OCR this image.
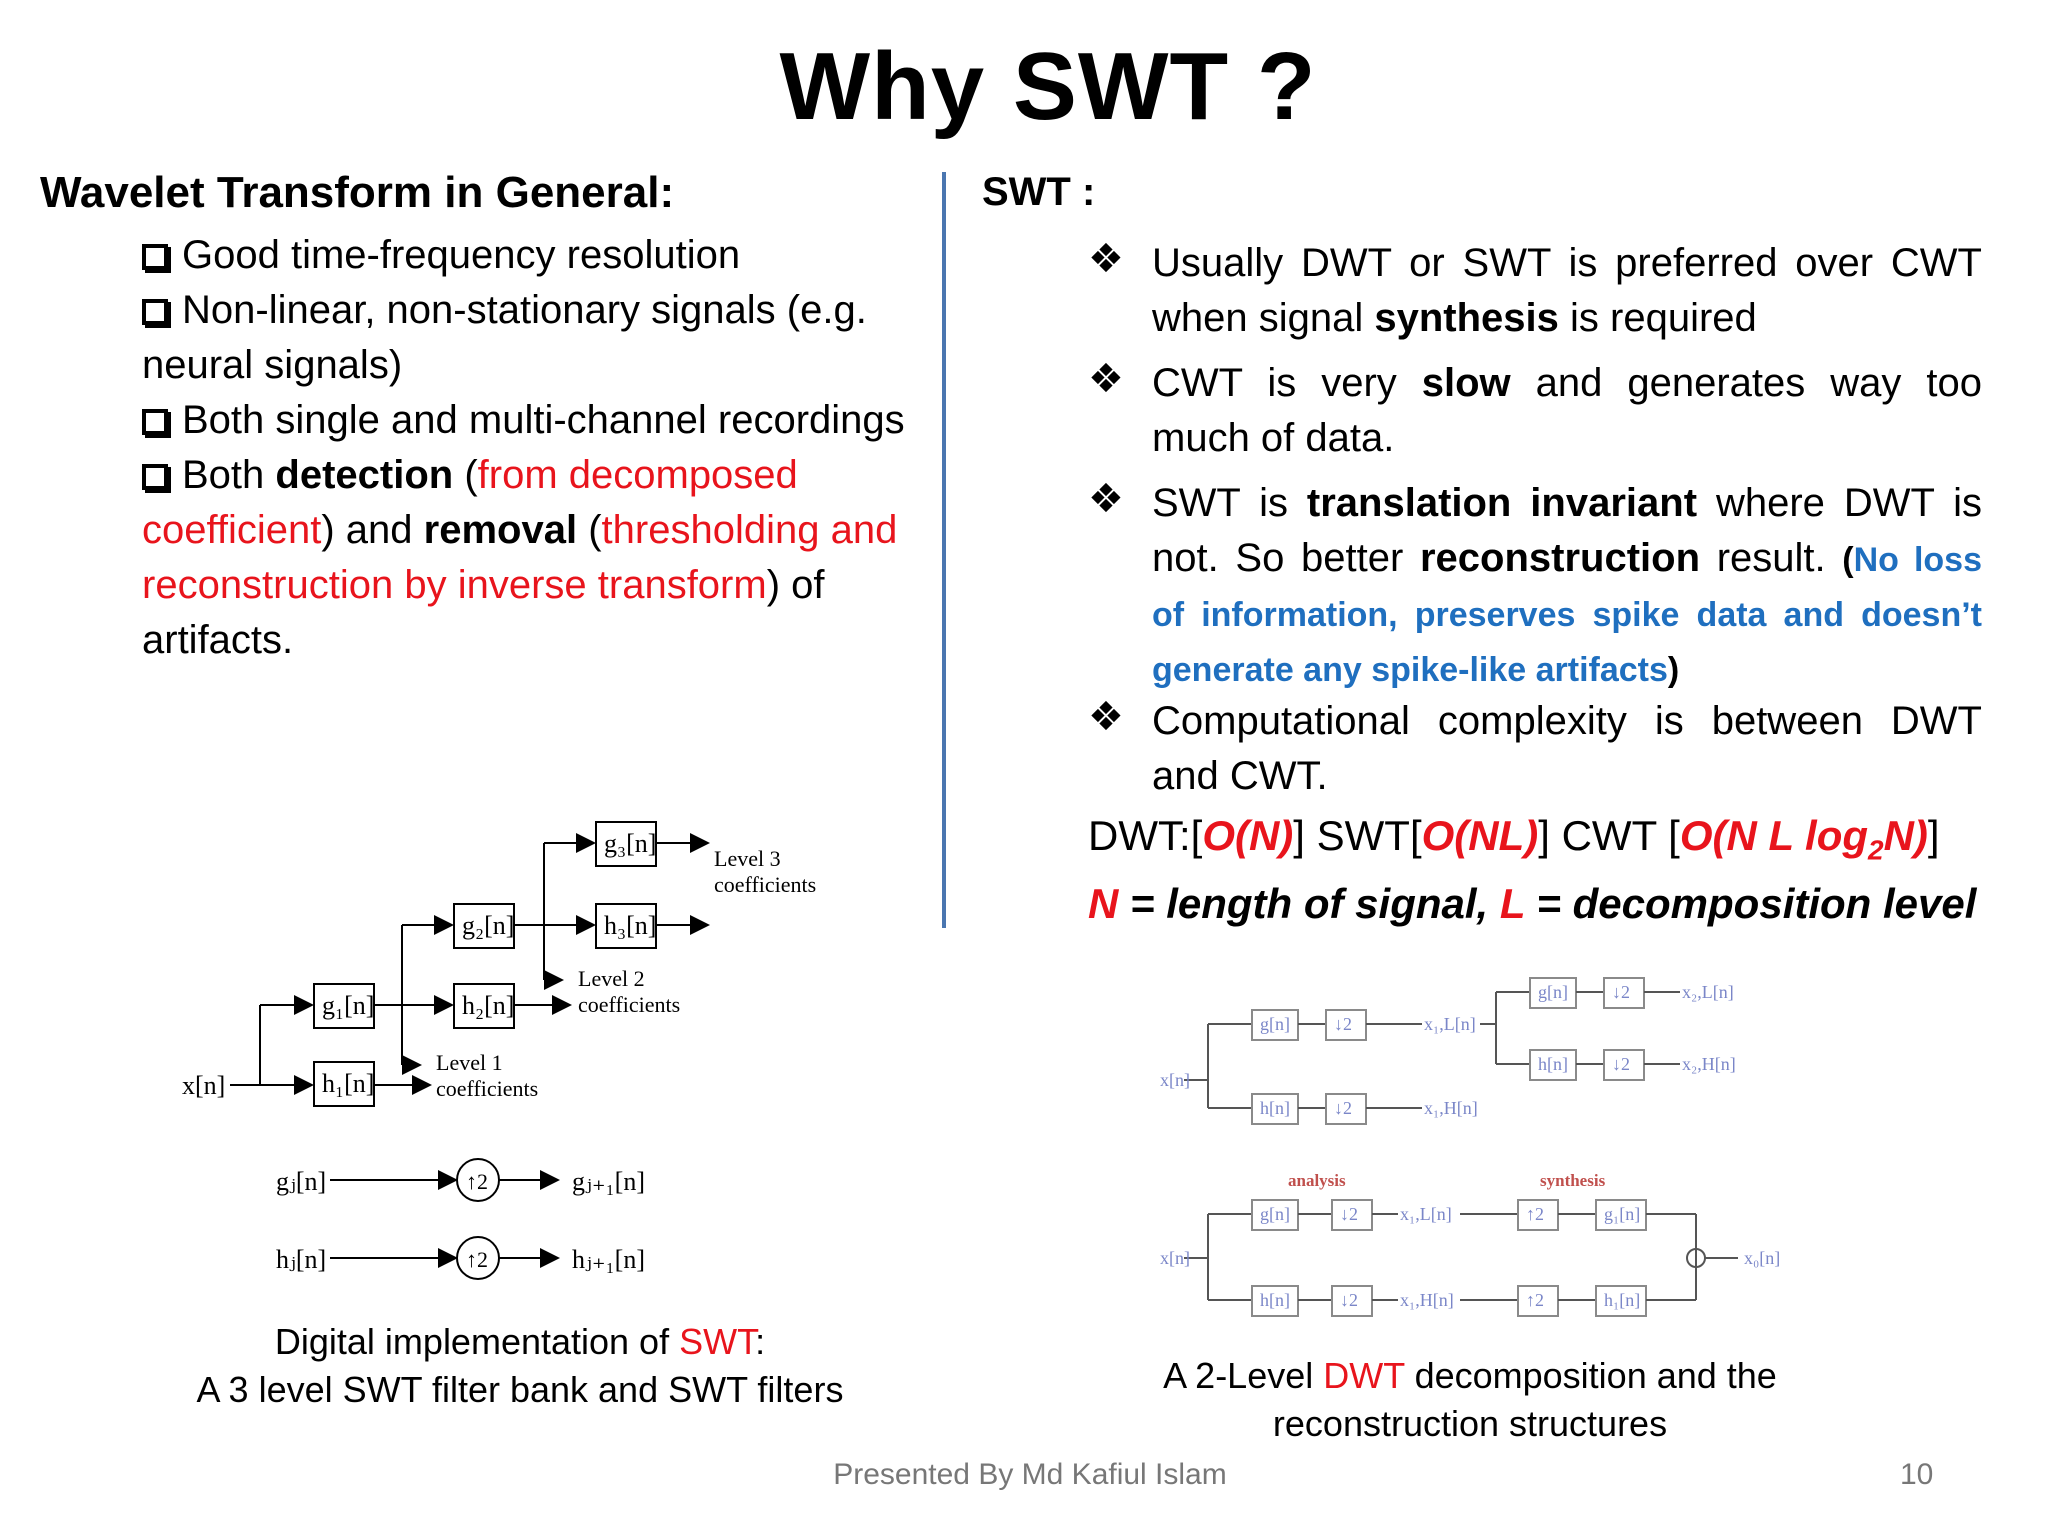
Why SWT ?
Wavelet Transform in General:
Good time-frequency resolution
Non-linear, non-stationary signals (e.g. neural signals)
Both single and multi-channel recordings
Both detection (from decomposed coefficient) and removal (thresholding and reconstruction by inverse transform) of artifacts.
SWT :
❖ Usually DWT or SWT is preferred over CWT when signal synthesis is required
❖ CWT is very slow and generates way too much of data.
❖ SWT is translation invariant where DWT is not. So better reconstruction result. (No loss of information, preserves spike data and doesn’t generate any spike-like artifacts)
❖ Computational complexity is between DWT and CWT.
DWT:[O(N)] SWT[O(NL)] CWT [O(N L $\log_2N$)]
N = length of signal, L = decomposition level
x[n]
g₁[n]
h₁[n]
g₂[n]
h₂[n]
g₃[n]
h₃[n]
Level 1
coefficients
Level 2
coefficients
Level 3
coefficients
gⱼ[n]	↑2	gⱼ₊₁[n]
hⱼ[n]	↑2	hⱼ₊₁[n]
x[n]
g[n]
h[n]
↓2
↓2
x₁,L[n]
x₁,H[n]
g[n]
h[n]
↓2
↓2
x₂,L[n]
x₂,H[n]
x[n]
g[n]
h[n]
↓2
↓2
x₁,L[n]
x₁,H[n]
↑2
↑2
g₁[n]
h₁[n]
x₀[n]
analysis	synthesis
Digital implementation of SWT:
A 3 level SWT filter bank and SWT filters	A 2-Level DWT decomposition and the
reconstruction structures
Presented By Md Kafiul Islam	10
